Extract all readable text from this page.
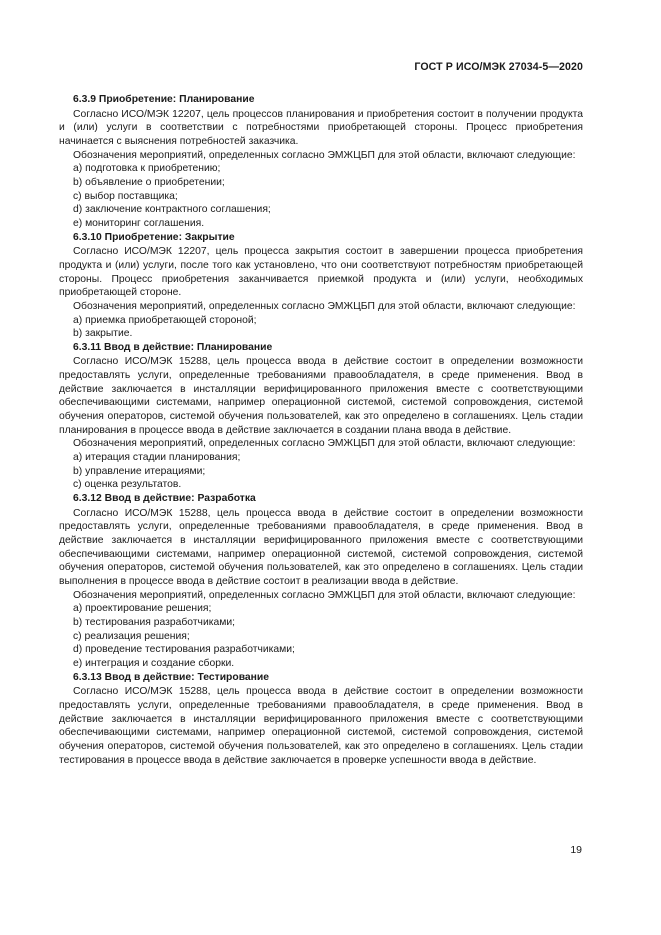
ГОСТ Р ИСО/МЭК 27034-5—2020
6.3.9 Приобретение: Планирование
Согласно ИСО/МЭК 12207, цель процессов планирования и приобретения состоит в получении продукта и (или) услуги в соответствии с потребностями приобретающей стороны. Процесс приобретения начинается с выяснения потребностей заказчика.
Обозначения мероприятий, определенных согласно ЭМЖЦБП для этой области, включают следующие:
a) подготовка к приобретению;
b) объявление о приобретении;
c) выбор поставщика;
d) заключение контрактного соглашения;
e) мониторинг соглашения.
6.3.10 Приобретение: Закрытие
Согласно ИСО/МЭК 12207, цель процесса закрытия состоит в завершении процесса приобретения продукта и (или) услуги, после того как установлено, что они соответствуют потребностям приобретающей стороны. Процесс приобретения заканчивается приемкой продукта и (или) услуги, необходимых приобретающей стороне.
Обозначения мероприятий, определенных согласно ЭМЖЦБП для этой области, включают следующие:
a) приемка приобретающей стороной;
b) закрытие.
6.3.11 Ввод в действие: Планирование
Согласно ИСО/МЭК 15288, цель процесса ввода в действие состоит в определении возможности предоставлять услуги, определенные требованиями правообладателя, в среде применения. Ввод в действие заключается в инсталляции верифицированного приложения вместе с соответствующими обеспечивающими системами, например операционной системой, системой сопровождения, системой обучения операторов, системой обучения пользователей, как это определено в соглашениях. Цель стадии планирования в процессе ввода в действие заключается в создании плана ввода в действие.
Обозначения мероприятий, определенных согласно ЭМЖЦБП для этой области, включают следующие:
a) итерация стадии планирования;
b) управление итерациями;
c) оценка результатов.
6.3.12 Ввод в действие: Разработка
Согласно ИСО/МЭК 15288, цель процесса ввода в действие состоит в определении возможности предоставлять услуги, определенные требованиями правообладателя, в среде применения. Ввод в действие заключается в инсталляции верифицированного приложения вместе с соответствующими обеспечивающими системами, например операционной системой, системой сопровождения, системой обучения операторов, системой обучения пользователей, как это определено в соглашениях. Цель стадии выполнения в процессе ввода в действие состоит в реализации ввода в действие.
Обозначения мероприятий, определенных согласно ЭМЖЦБП для этой области, включают следующие:
a) проектирование решения;
b) тестирования разработчиками;
c) реализация решения;
d) проведение тестирования разработчиками;
e) интеграция и создание сборки.
6.3.13 Ввод в действие: Тестирование
Согласно ИСО/МЭК 15288, цель процесса ввода в действие состоит в определении возможности предоставлять услуги, определенные требованиями правообладателя, в среде применения. Ввод в действие заключается в инсталляции верифицированного приложения вместе с соответствующими обеспечивающими системами, например операционной системой, системой сопровождения, системой обучения операторов, системой обучения пользователей, как это определено в соглашениях. Цель стадии тестирования в процессе ввода в действие заключается в проверке успешности ввода в действие.
19
